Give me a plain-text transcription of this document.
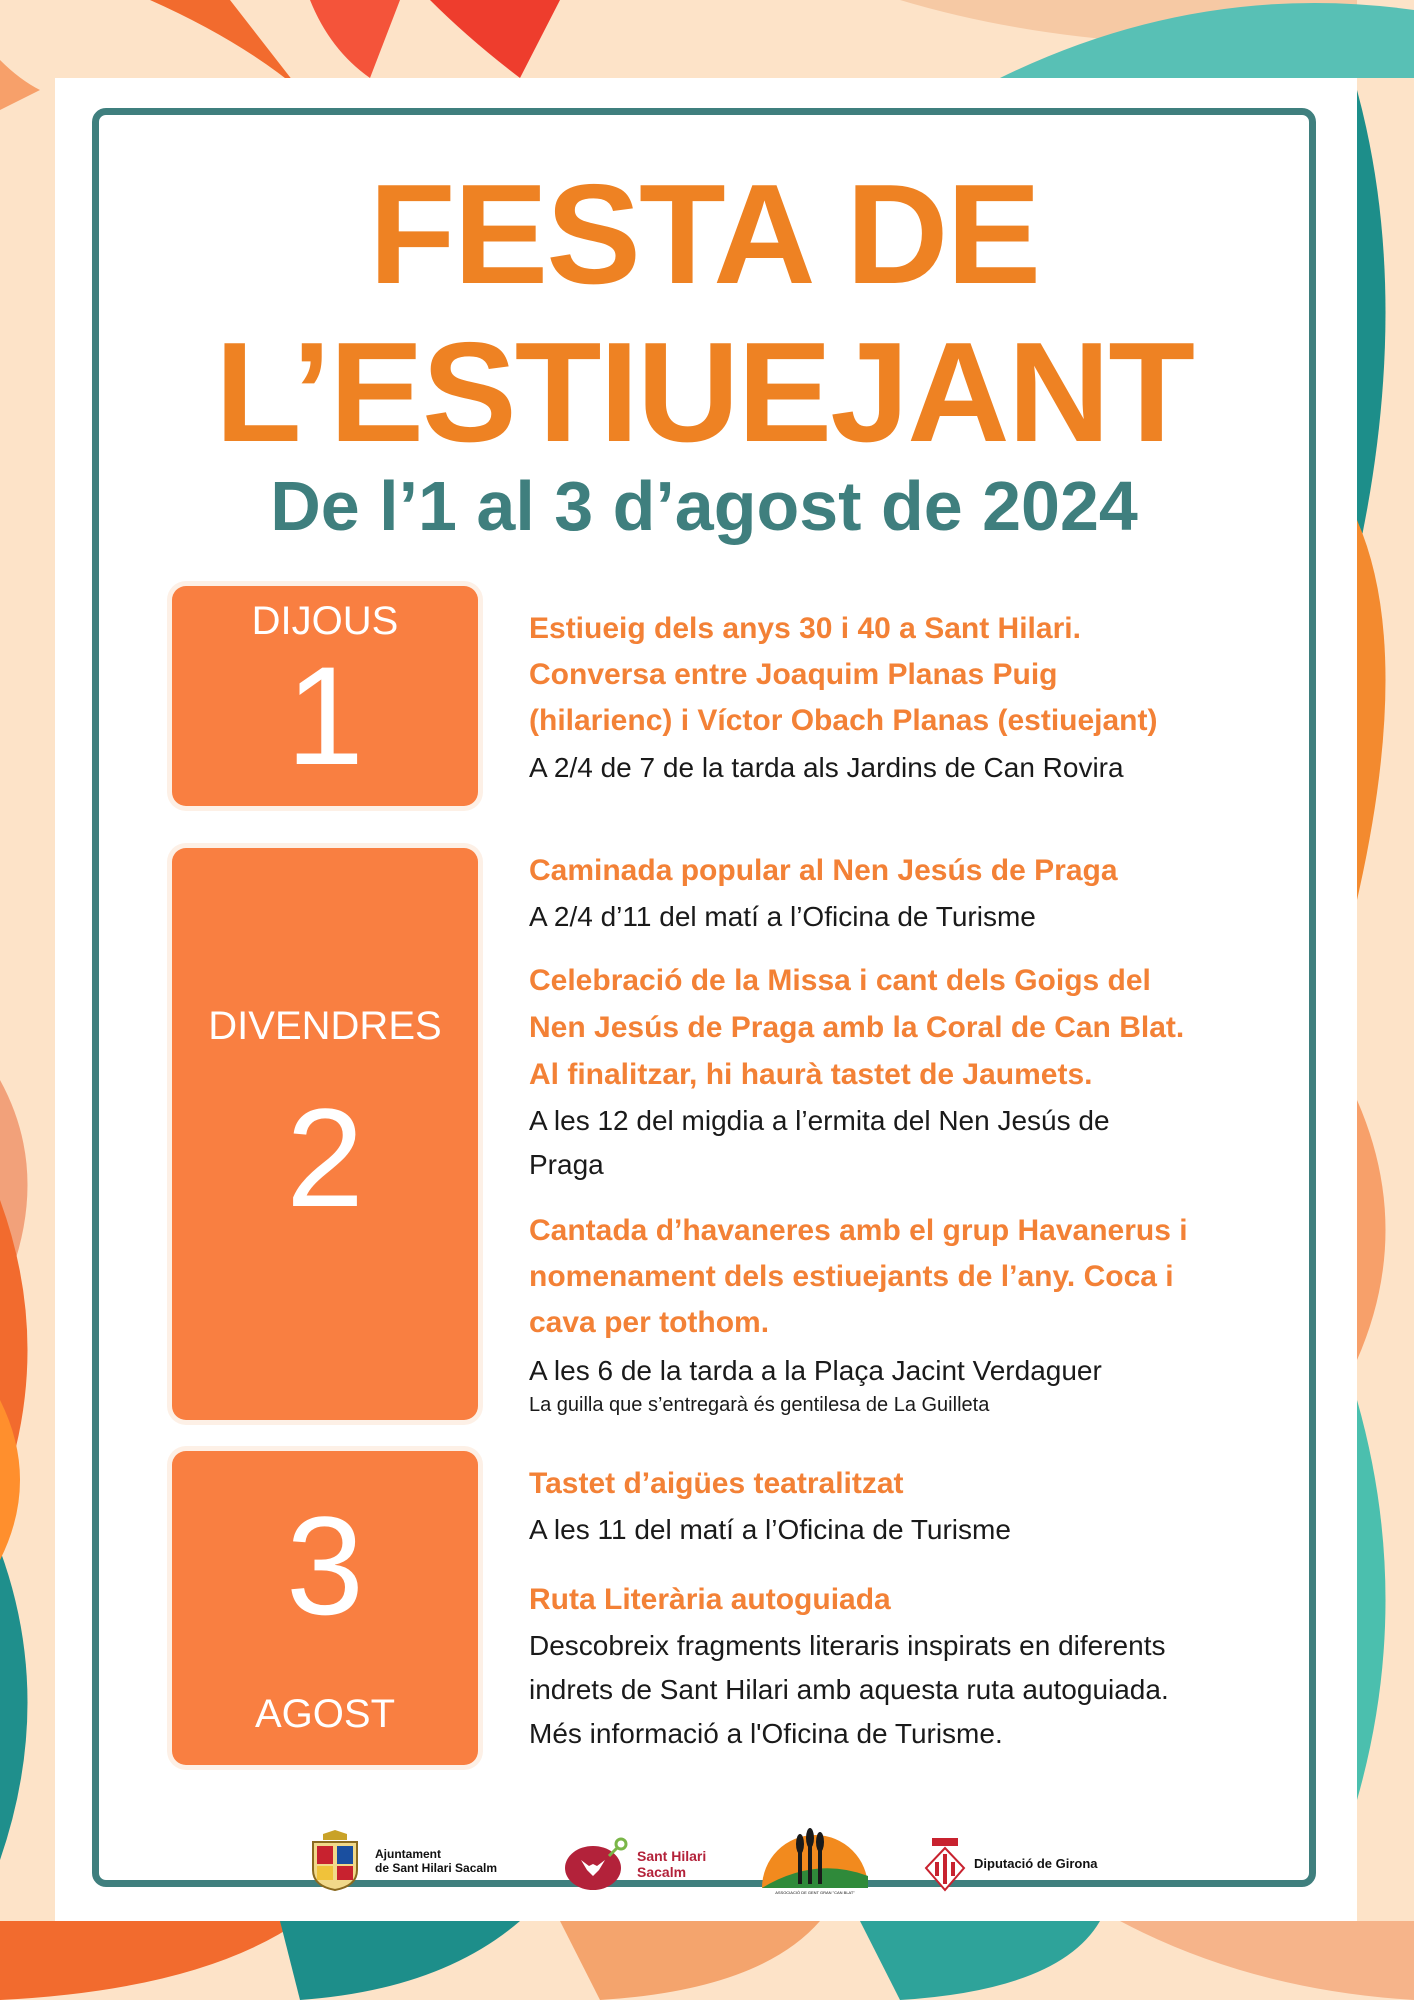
FESTA DE
L’ESTIUEJANT
De l’1 al 3 d’agost de 2024
DIJOUS
1
DIVENDRES
2
3
AGOST

Estiueig dels anys 30 i 40 a Sant Hilari.

Conversa entre Joaquim Planas Puig

(hilarienc) i Víctor Obach Planas (estiuejant)

A 2/4 de 7 de la tarda als Jardins de Can Rovira

Caminada popular al Nen Jesús de Praga

A 2/4 d’11 del matí a l’Oficina de Turisme

Celebració de la Missa i cant dels Goigs del

Nen Jesús de Praga amb la Coral de Can Blat.

Al finalitzar, hi haurà tastet de Jaumets.

A les 12 del migdia a l’ermita del Nen Jesús de

Praga

Cantada d’havaneres amb el grup Havanerus i

nomenament dels estiuejants de l’any. Coca i

cava per tothom.

A les 6 de la tarda a la Plaça Jacint Verdaguer

La guilla que s’entregarà és gentilesa de La Guilleta

Tastet d’aigües teatralitzat

A les 11 del matí a l’Oficina de Turisme

Ruta Literària autoguiada

Descobreix fragments literaris inspirats en diferents

indrets de Sant Hilari amb aquesta ruta autoguiada.

Més informació a l'Oficina de Turisme.

Ajuntament
de Sant Hilari Sacalm
Sant Hilari
Sacalm
ASSOCIACIÓ DE GENT GRAN "CAN BLAT"
Diputació de Girona
